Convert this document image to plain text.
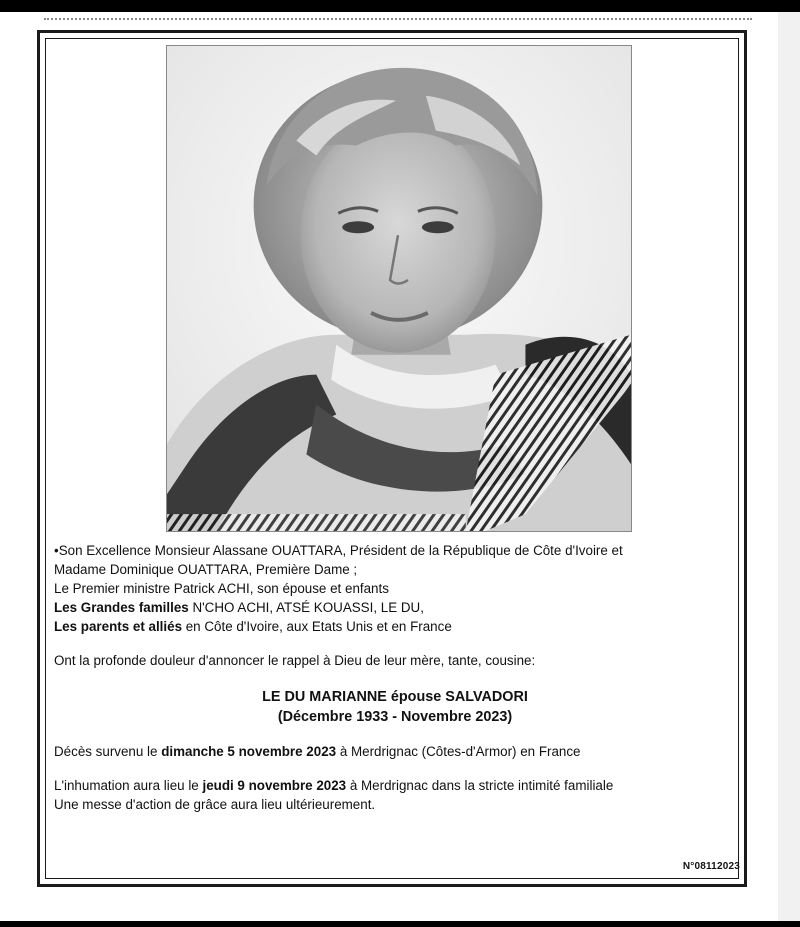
•Son Excellence Monsieur Alassane OUATTARA, Président de la République de Côte d'Ivoire et
Madame Dominique OUATTARA, Première Dame ;
Le Premier ministre Patrick ACHI, son épouse et enfants
Les Grandes familles N'CHO ACHI, ATSÉ KOUASSI, LE DU,
Les parents et alliés en Côte d'Ivoire, aux Etats Unis et en France
Ont la profonde douleur d'annoncer le rappel à Dieu de leur mère, tante, cousine:
LE DU MARIANNE épouse SALVADORI
(Décembre 1933 - Novembre 2023)
Décès survenu le dimanche 5 novembre 2023 à Merdrignac (Côtes-d'Armor) en France
L'inhumation aura lieu le jeudi 9 novembre 2023 à Merdrignac dans la stricte intimité familiale
Une messe d'action de grâce aura lieu ultérieurement.
N°08112023
